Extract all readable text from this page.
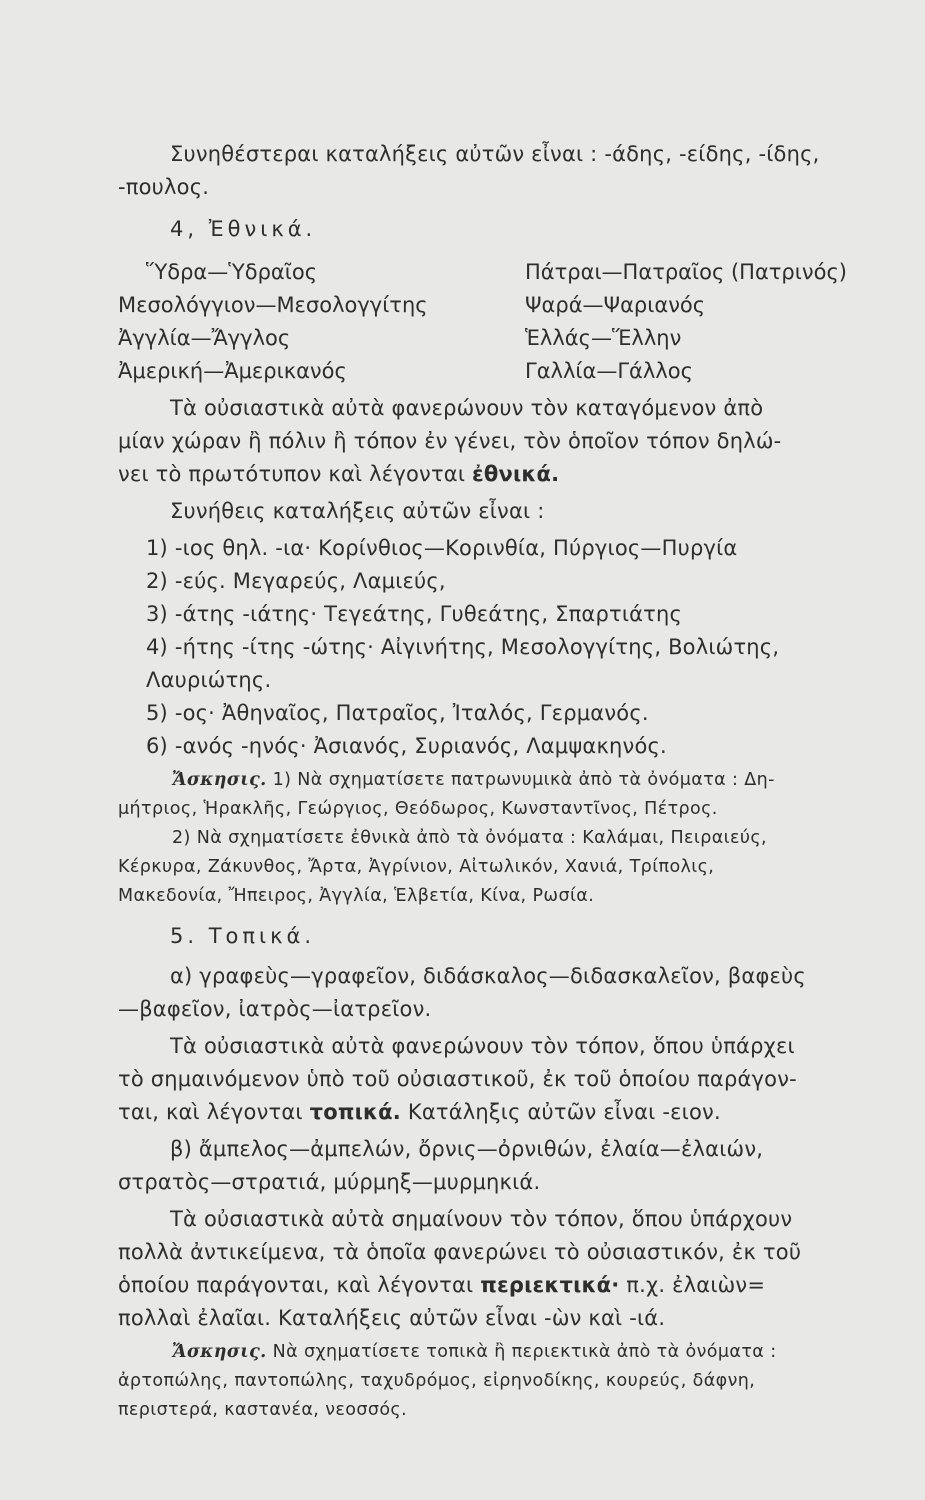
Συνηθέστεραι καταλήξεις αὐτῶν εἶναι : -άδης, -είδης, -ίδης,
-πουλος.
4, Ἐθνικά.
Ὕδρα—Ὑδραῖος	Πάτραι—Πατραῖος (Πατρινός)
Μεσολόγγιον—Μεσολογγίτης	Ψαρά—Ψαριανός
Ἀγγλία—Ἄγγλος	Ἑλλάς—Ἕλλην
Ἀμερική—Ἀμερικανός	Γαλλία—Γάλλος
Τὰ οὐσιαστικὰ αὐτὰ φανερώνουν τὸν καταγόμενον ἀπὸ
μίαν χώραν ἢ πόλιν ἢ τόπον ἐν γένει, τὸν ὁποῖον τόπον δηλώ-
νει τὸ πρωτότυπον καὶ λέγονται ἐθνικά.
Συνήθεις καταλήξεις αὐτῶν εἶναι :
1) -ιος θηλ. -ια· Κορίνθιος—Κορινθία, Πύργιος—Πυργία
2) -εύς. Μεγαρεύς, Λαμιεύς,
3) -άτης -ιάτης· Τεγεάτης, Γυθεάτης, Σπαρτιάτης
4) -ήτης -ίτης -ώτης· Αἰγινήτης, Μεσολογγίτης, Βολιώτης,
Λαυριώτης.
5) -ος· Ἀθηναῖος, Πατραῖος, Ἰταλός, Γερμανός.
6) -ανός -ηνός· Ἀσιανός, Συριανός, Λαμψακηνός.
Ἄσκησις. 1) Νὰ σχηματίσετε πατρωνυμικὰ ἀπὸ τὰ ὀνόματα : Δη-
μήτριος, Ἡρακλῆς, Γεώργιος, Θεόδωρος, Κωνσταντῖνος, Πέτρος.
2) Νὰ σχηματίσετε ἐθνικὰ ἀπὸ τὰ ὀνόματα : Καλάμαι, Πειραιεύς,
Κέρκυρα, Ζάκυνθος, Ἄρτα, Ἀγρίνιον, Αἰτωλικόν, Χανιά, Τρίπολις,
Μακεδονία, Ἤπειρος, Ἀγγλία, Ἑλβετία, Κίνα, Ρωσία.
5. Τοπικά.
α) γραφεὺς—γραφεῖον, διδάσκαλος—διδασκαλεῖον, βαφεὺς
—βαφεῖον, ἰατρὸς—ἰατρεῖον.
Τὰ οὐσιαστικὰ αὐτὰ φανερώνουν τὸν τόπον, ὅπου ὑπάρχει
τὸ σημαινόμενον ὑπὸ τοῦ οὐσιαστικοῦ, ἐκ τοῦ ὁποίου παράγον-
ται, καὶ λέγονται τοπικά. Κατάληξις αὐτῶν εἶναι -ειον.
β) ἄμπελος—ἀμπελών, ὄρνις—ὀρνιθών, ἐλαία—ἐλαιών,
στρατὸς—στρατιά, μύρμηξ—μυρμηκιά.
Τὰ οὐσιαστικὰ αὐτὰ σημαίνουν τὸν τόπον, ὅπου ὑπάρχουν
πολλὰ ἀντικείμενα, τὰ ὁποῖα φανερώνει τὸ οὐσιαστικόν, ἐκ τοῦ
ὁποίου παράγονται, καὶ λέγονται περιεκτικά· π.χ. ἐλαιὼν=
πολλαὶ ἐλαῖαι. Καταλήξεις αὐτῶν εἶναι -ὼν καὶ -ιά.
Ἄσκησις. Νὰ σχηματίσετε τοπικὰ ἢ περιεκτικὰ ἀπὸ τὰ ὀνόματα :
ἀρτοπώλης, παντοπώλης, ταχυδρόμος, εἰρηνοδίκης, κουρεύς, δάφνη,
περιστερά, καστανέα, νεοσσός.
